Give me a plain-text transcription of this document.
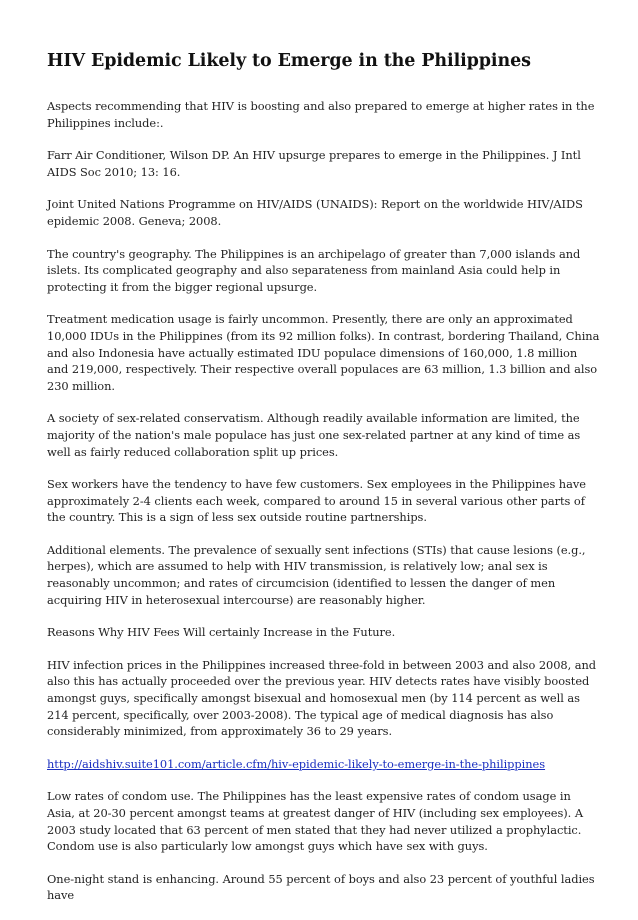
HIV Epidemic Likely to Emerge in the Philippines

Aspects recommending that HIV is boosting and also prepared to emerge at higher rates in the Philippines include:.

Farr Air Conditioner, Wilson DP. An HIV upsurge prepares to emerge in the Philippines. J Intl AIDS Soc 2010; 13: 16.

Joint United Nations Programme on HIV/AIDS (UNAIDS): Report on the worldwide HIV/AIDS epidemic 2008. Geneva; 2008.

The country's geography. The Philippines is an archipelago of greater than 7,000 islands and islets. Its complicated geography and also separateness from mainland Asia could help in protecting it from the bigger regional upsurge.

Treatment medication usage is fairly uncommon. Presently, there are only an approximated 10,000 IDUs in the Philippines (from its 92 million folks). In contrast, bordering Thailand, China and also Indonesia have actually estimated IDU populace dimensions of 160,000, 1.8 million and 219,000, respectively. Their respective overall populaces are 63 million, 1.3 billion and also 230 million.

A society of sex-related conservatism. Although readily available information are limited, the majority of the nation's male populace has just one sex-related partner at any kind of time as well as fairly reduced collaboration split up prices.

Sex workers have the tendency to have few customers. Sex employees in the Philippines have approximately 2-4 clients each week, compared to around 15 in several various other parts of the country. This is a sign of less sex outside routine partnerships.

Additional elements. The prevalence of sexually sent infections (STIs) that cause lesions (e.g., herpes), which are assumed to help with HIV transmission, is relatively low; anal sex is reasonably uncommon; and rates of circumcision (identified to lessen the danger of men acquiring HIV in heterosexual intercourse) are reasonably higher.

Reasons Why HIV Fees Will certainly Increase in the Future.

HIV infection prices in the Philippines increased three-fold in between 2003 and also 2008, and also this has actually proceeded over the previous year. HIV detects rates have visibly boosted amongst guys, specifically amongst bisexual and homosexual men (by 114 percent as well as 214 percent, specifically, over 2003-2008). The typical age of medical diagnosis has also considerably minimized, from approximately 36 to 29 years.

http://aidshiv.suite101.com/article.cfm/hiv-epidemic-likely-to-emerge-in-the-philippines

Low rates of condom use. The Philippines has the least expensive rates of condom usage in Asia, at 20-30 percent amongst teams at greatest danger of HIV (including sex employees). A 2003 study located that 63 percent of men stated that they had never utilized a prophylactic. Condom use is also particularly low amongst guys which have sex with guys.

One-night stand is enhancing. Around 55 percent of boys and also 23 percent of youthful ladies have
